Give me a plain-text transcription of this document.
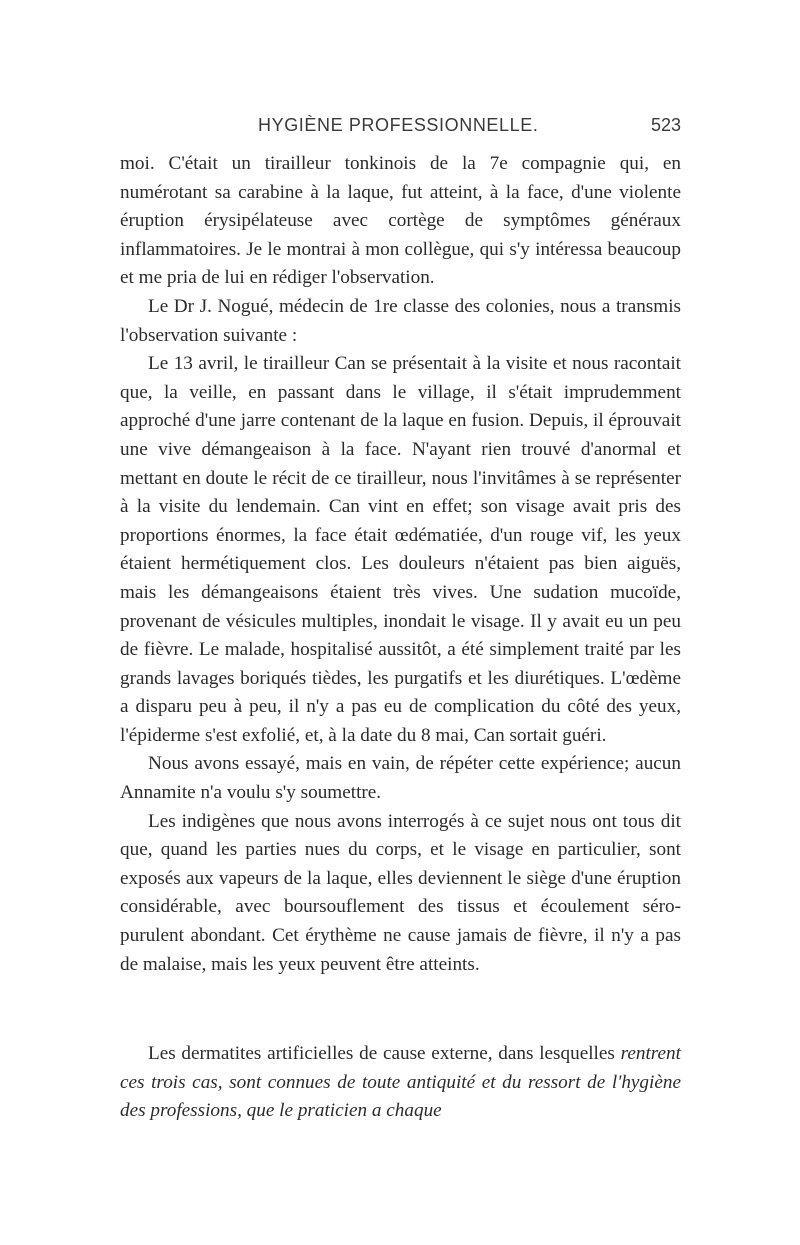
HYGIÈNE PROFESSIONNELLE.	523

moi. C'était un tirailleur tonkinois de la 7e compagnie qui, en numérotant sa carabine à la laque, fut atteint, à la face, d'une violente éruption érysipélateuse avec cortège de symptômes généraux inflammatoires. Je le montrai à mon collègue, qui s'y intéressa beaucoup et me pria de lui en rédiger l'observation.

Le Dr J. Nogué, médecin de 1re classe des colonies, nous a transmis l'observation suivante :

Le 13 avril, le tirailleur Can se présentait à la visite et nous racontait que, la veille, en passant dans le village, il s'était imprudemment approché d'une jarre contenant de la laque en fusion. Depuis, il éprouvait une vive démangeaison à la face. N'ayant rien trouvé d'anormal et mettant en doute le récit de ce tirailleur, nous l'invitâmes à se représenter à la visite du lendemain. Can vint en effet; son visage avait pris des proportions énormes, la face était œdématiée, d'un rouge vif, les yeux étaient hermétiquement clos. Les douleurs n'étaient pas bien aiguës, mais les démangeaisons étaient très vives. Une sudation mucoïde, provenant de vésicules multiples, inondait le visage. Il y avait eu un peu de fièvre. Le malade, hospitalisé aussitôt, a été simplement traité par les grands lavages boriqués tièdes, les purgatifs et les diurétiques. L'œdème a disparu peu à peu, il n'y a pas eu de complication du côté des yeux, l'épiderme s'est exfolié, et, à la date du 8 mai, Can sortait guéri.

Nous avons essayé, mais en vain, de répéter cette expérience; aucun Annamite n'a voulu s'y soumettre.

Les indigènes que nous avons interrogés à ce sujet nous ont tous dit que, quand les parties nues du corps, et le visage en particulier, sont exposés aux vapeurs de la laque, elles deviennent le siège d'une éruption considérable, avec boursouflement des tissus et écoulement séro-purulent abondant. Cet érythème ne cause jamais de fièvre, il n'y a pas de malaise, mais les yeux peuvent être atteints.

Les dermatites artificielles de cause externe, dans lesquelles rentrent ces trois cas, sont connues de toute antiquité et du ressort de l'hygiène des professions, que le praticien a chaque
